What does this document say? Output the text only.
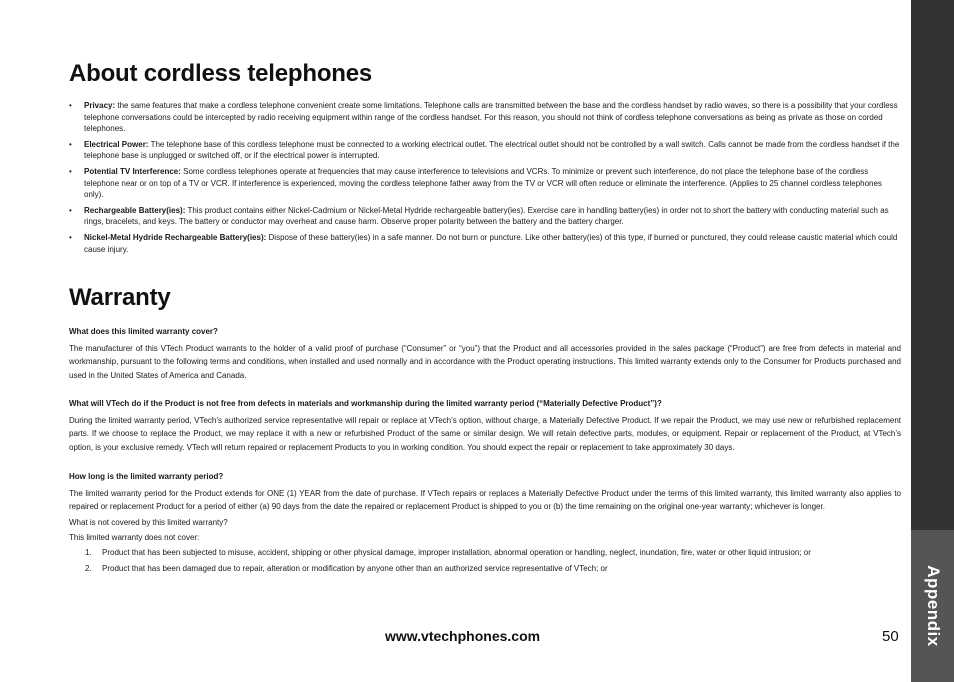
Appendix
About cordless telephones
• Privacy: the same features that make a cordless telephone convenient create some limitations. Telephone calls are transmitted between the base and the cordless handset by radio waves, so there is a possibility that your cordless telephone conversations could be intercepted by radio receiving equipment within range of the cordless handset. For this reason, you should not think of cordless telephone conversations as being as private as those on corded telephones.
• Electrical Power: The telephone base of this cordless telephone must be connected to a working electrical outlet. The electrical outlet should not be controlled by a wall switch. Calls cannot be made from the cordless handset if the telephone base is unplugged or switched off, or if the electrical power is interrupted.
• Potential TV Interference: Some cordless telephones operate at frequencies that may cause interference to televisions and VCRs. To minimize or prevent such interference, do not place the telephone base of the cordless telephone near or on top of a TV or VCR. If interference is experienced, moving the cordless telephone father away from the TV or VCR will often reduce or eliminate the interference. (Applies to 25 channel cordless telephones only).
• Rechargeable Battery(ies): This product contains either Nickel-Cadmium or Nickel-Metal Hydride rechargeable battery(ies). Exercise care in handling battery(ies) in order not to short the battery with conducting material such as rings, bracelets, and keys. The battery or conductor may overheat and cause harm. Observe proper polarity between the battery and the battery charger.
• Nickel-Metal Hydride Rechargeable Battery(ies): Dispose of these battery(ies) in a safe manner. Do not burn or puncture. Like other battery(ies) of this type, if burned or punctured, they could release caustic material which could cause injury.
Warranty

What does this limited warranty cover?

The manufacturer of this VTech Product warrants to the holder of a valid proof of purchase (“Consumer” or “you”) that the Product and all accessories provided in the sales package (“Product”) are free from defects in material and workmanship, pursuant to the following terms and conditions, when installed and used normally and in accordance with the Product operating instructions. This limited warranty extends only to the Consumer for Products purchased and used in the United States of America and Canada.

What will VTech do if the Product is not free from defects in materials and workmanship during the limited warranty period (“Materially Defective Product”)?

During the limited warranty period, VTech’s authorized service representative will repair or replace at VTech’s option, without charge, a Materially Defective Product. If we repair the Product, we may use new or refurbished replacement parts. If we choose to replace the Product, we may replace it with a new or refurbished Product of the same or similar design. We will retain defective parts, modules, or equipment. Repair or replacement of the Product, at VTech’s option, is your exclusive remedy. VTech will return repaired or replacement Products to you in working condition. You should expect the repair or replacement to take approximately 30 days.

How long is the limited warranty period?

The limited warranty period for the Product extends for ONE (1) YEAR from the date of purchase. If VTech repairs or replaces a Materially Defective Product under the terms of this limited warranty, this limited warranty also applies to repaired or replacement Product for a period of either (a) 90 days from the date the repaired or replacement Product is shipped to you or (b) the time remaining on the original one-year warranty; whichever is longer.

What is not covered by this limited warranty?

This limited warranty does not cover:

1. Product that has been subjected to misuse, accident, shipping or other physical damage, improper installation, abnormal operation or handling, neglect, inundation, fire, water or other liquid intrusion; or
2. Product that has been damaged due to repair, alteration or modification by anyone other than an authorized service representative of VTech; or
www.vtechphones.com	50
